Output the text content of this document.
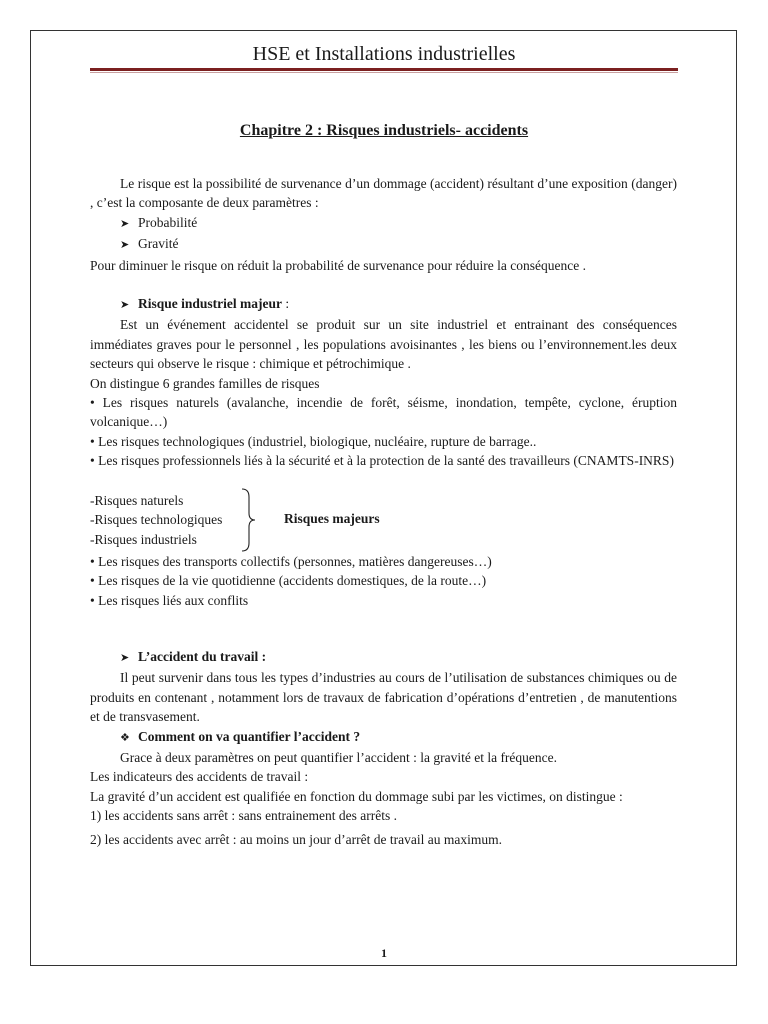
HSE et Installations industrielles
Chapitre 2 : Risques industriels- accidents

Le risque est la possibilité de survenance d’un dommage (accident) résultant d’une exposition (danger) , c’est la composante de deux paramètres :

➤ Probabilité

➤ Gravité

Pour diminuer le risque on réduit la probabilité de survenance pour réduire la conséquence .

➤ Risque industriel majeur :

Est un événement accidentel se produit sur un site industriel et entrainant des conséquences immédiates graves pour le personnel , les populations avoisinantes , les biens ou l’environnement.les deux secteurs qui observe le risque : chimique et pétrochimique .

On distingue 6 grandes familles de risques

• Les risques naturels (avalanche, incendie de forêt, séisme, inondation, tempête, cyclone, éruption volcanique…)

• Les risques technologiques (industriel, biologique, nucléaire, rupture de barrage..

• Les risques professionnels liés à la sécurité et à la protection de la santé des travailleurs (CNAMTS-INRS)

-Risques naturels

-Risques technologiques

-Risques industriels

Risques majeurs

• Les risques des transports collectifs (personnes, matières dangereuses…)

• Les risques de la vie quotidienne (accidents domestiques, de la route…)

• Les risques liés aux conflits

➤ L’accident du travail :

Il peut survenir dans tous les types d’industries au cours de l’utilisation de substances chimiques ou de produits en contenant , notamment lors de travaux de fabrication d’opérations d’entretien , de manutentions et de transvasement.

❖ Comment on va quantifier l’accident ?

Grace à deux paramètres on peut quantifier l’accident : la gravité et la fréquence.

Les indicateurs des accidents de travail :

La gravité d’un accident est qualifiée en fonction du dommage subi par les victimes, on distingue :

1) les accidents sans arrêt : sans entrainement des arrêts .

2) les accidents avec arrêt : au moins un jour d’arrêt de travail au maximum.

1
